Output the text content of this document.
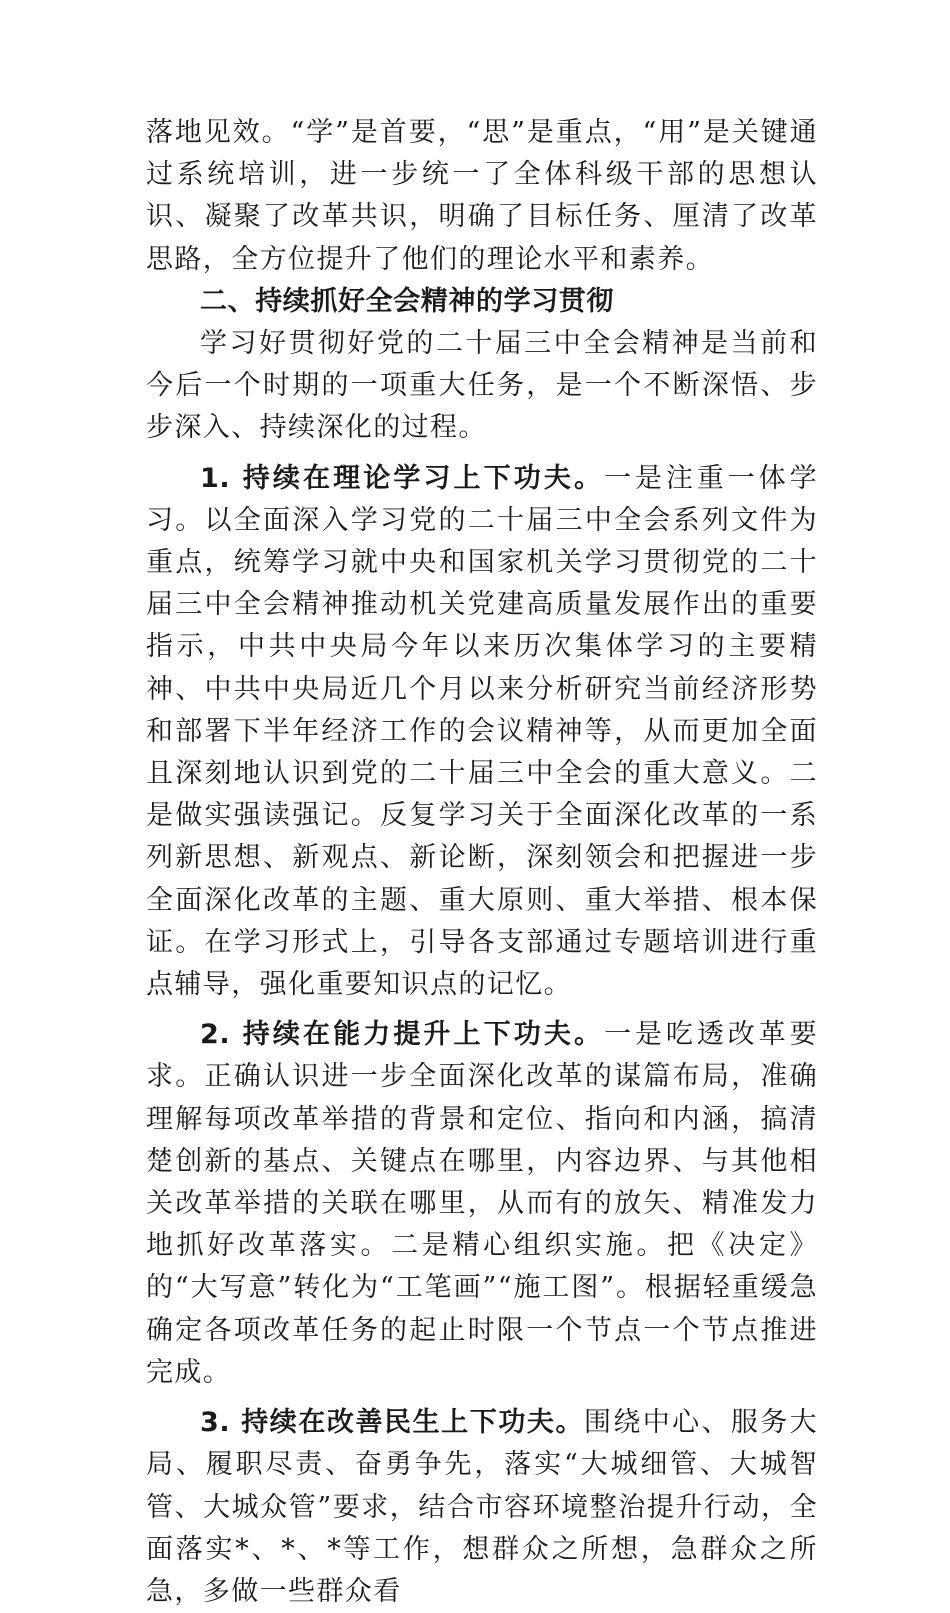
落地见效。“学”是首要，“思”是重点，“用”是关键通过系统培训，进一步统一了全体科级干部的思想认识、凝聚了改革共识，明确了目标任务、厘清了改革思路，全方位提升了他们的理论水平和素养。

二、持续抓好全会精神的学习贯彻

学习好贯彻好党的二十届三中全会精神是当前和今后一个时期的一项重大任务，是一个不断深悟、步步深入、持续深化的过程。

1. 持续在理论学习上下功夫。一是注重一体学习。以全面深入学习党的二十届三中全会系列文件为重点，统筹学习就中央和国家机关学习贯彻党的二十届三中全会精神推动机关党建高质量发展作出的重要指示，中共中央局今年以来历次集体学习的主要精神、中共中央局近几个月以来分析研究当前经济形势和部署下半年经济工作的会议精神等，从而更加全面且深刻地认识到党的二十届三中全会的重大意义。二是做实强读强记。反复学习关于全面深化改革的一系列新思想、新观点、新论断，深刻领会和把握进一步全面深化改革的主题、重大原则、重大举措、根本保证。在学习形式上，引导各支部通过专题培训进行重点辅导，强化重要知识点的记忆。

2. 持续在能力提升上下功夫。一是吃透改革要求。正确认识进一步全面深化改革的谋篇布局，准确理解每项改革举措的背景和定位、指向和内涵，搞清楚创新的基点、关键点在哪里，内容边界、与其他相关改革举措的关联在哪里，从而有的放矢、精准发力地抓好改革落实。二是精心组织实施。把《决定》的“大写意”转化为“工笔画”“施工图”。根据轻重缓急确定各项改革任务的起止时限一个节点一个节点推进完成。

3. 持续在改善民生上下功夫。围绕中心、服务大局、履职尽责、奋勇争先，落实“大城细管、大城智管、大城众管”要求，结合市容环境整治提升行动，全面落实*、*、*等工作，想群众之所想，急群众之所急，多做一些群众看
